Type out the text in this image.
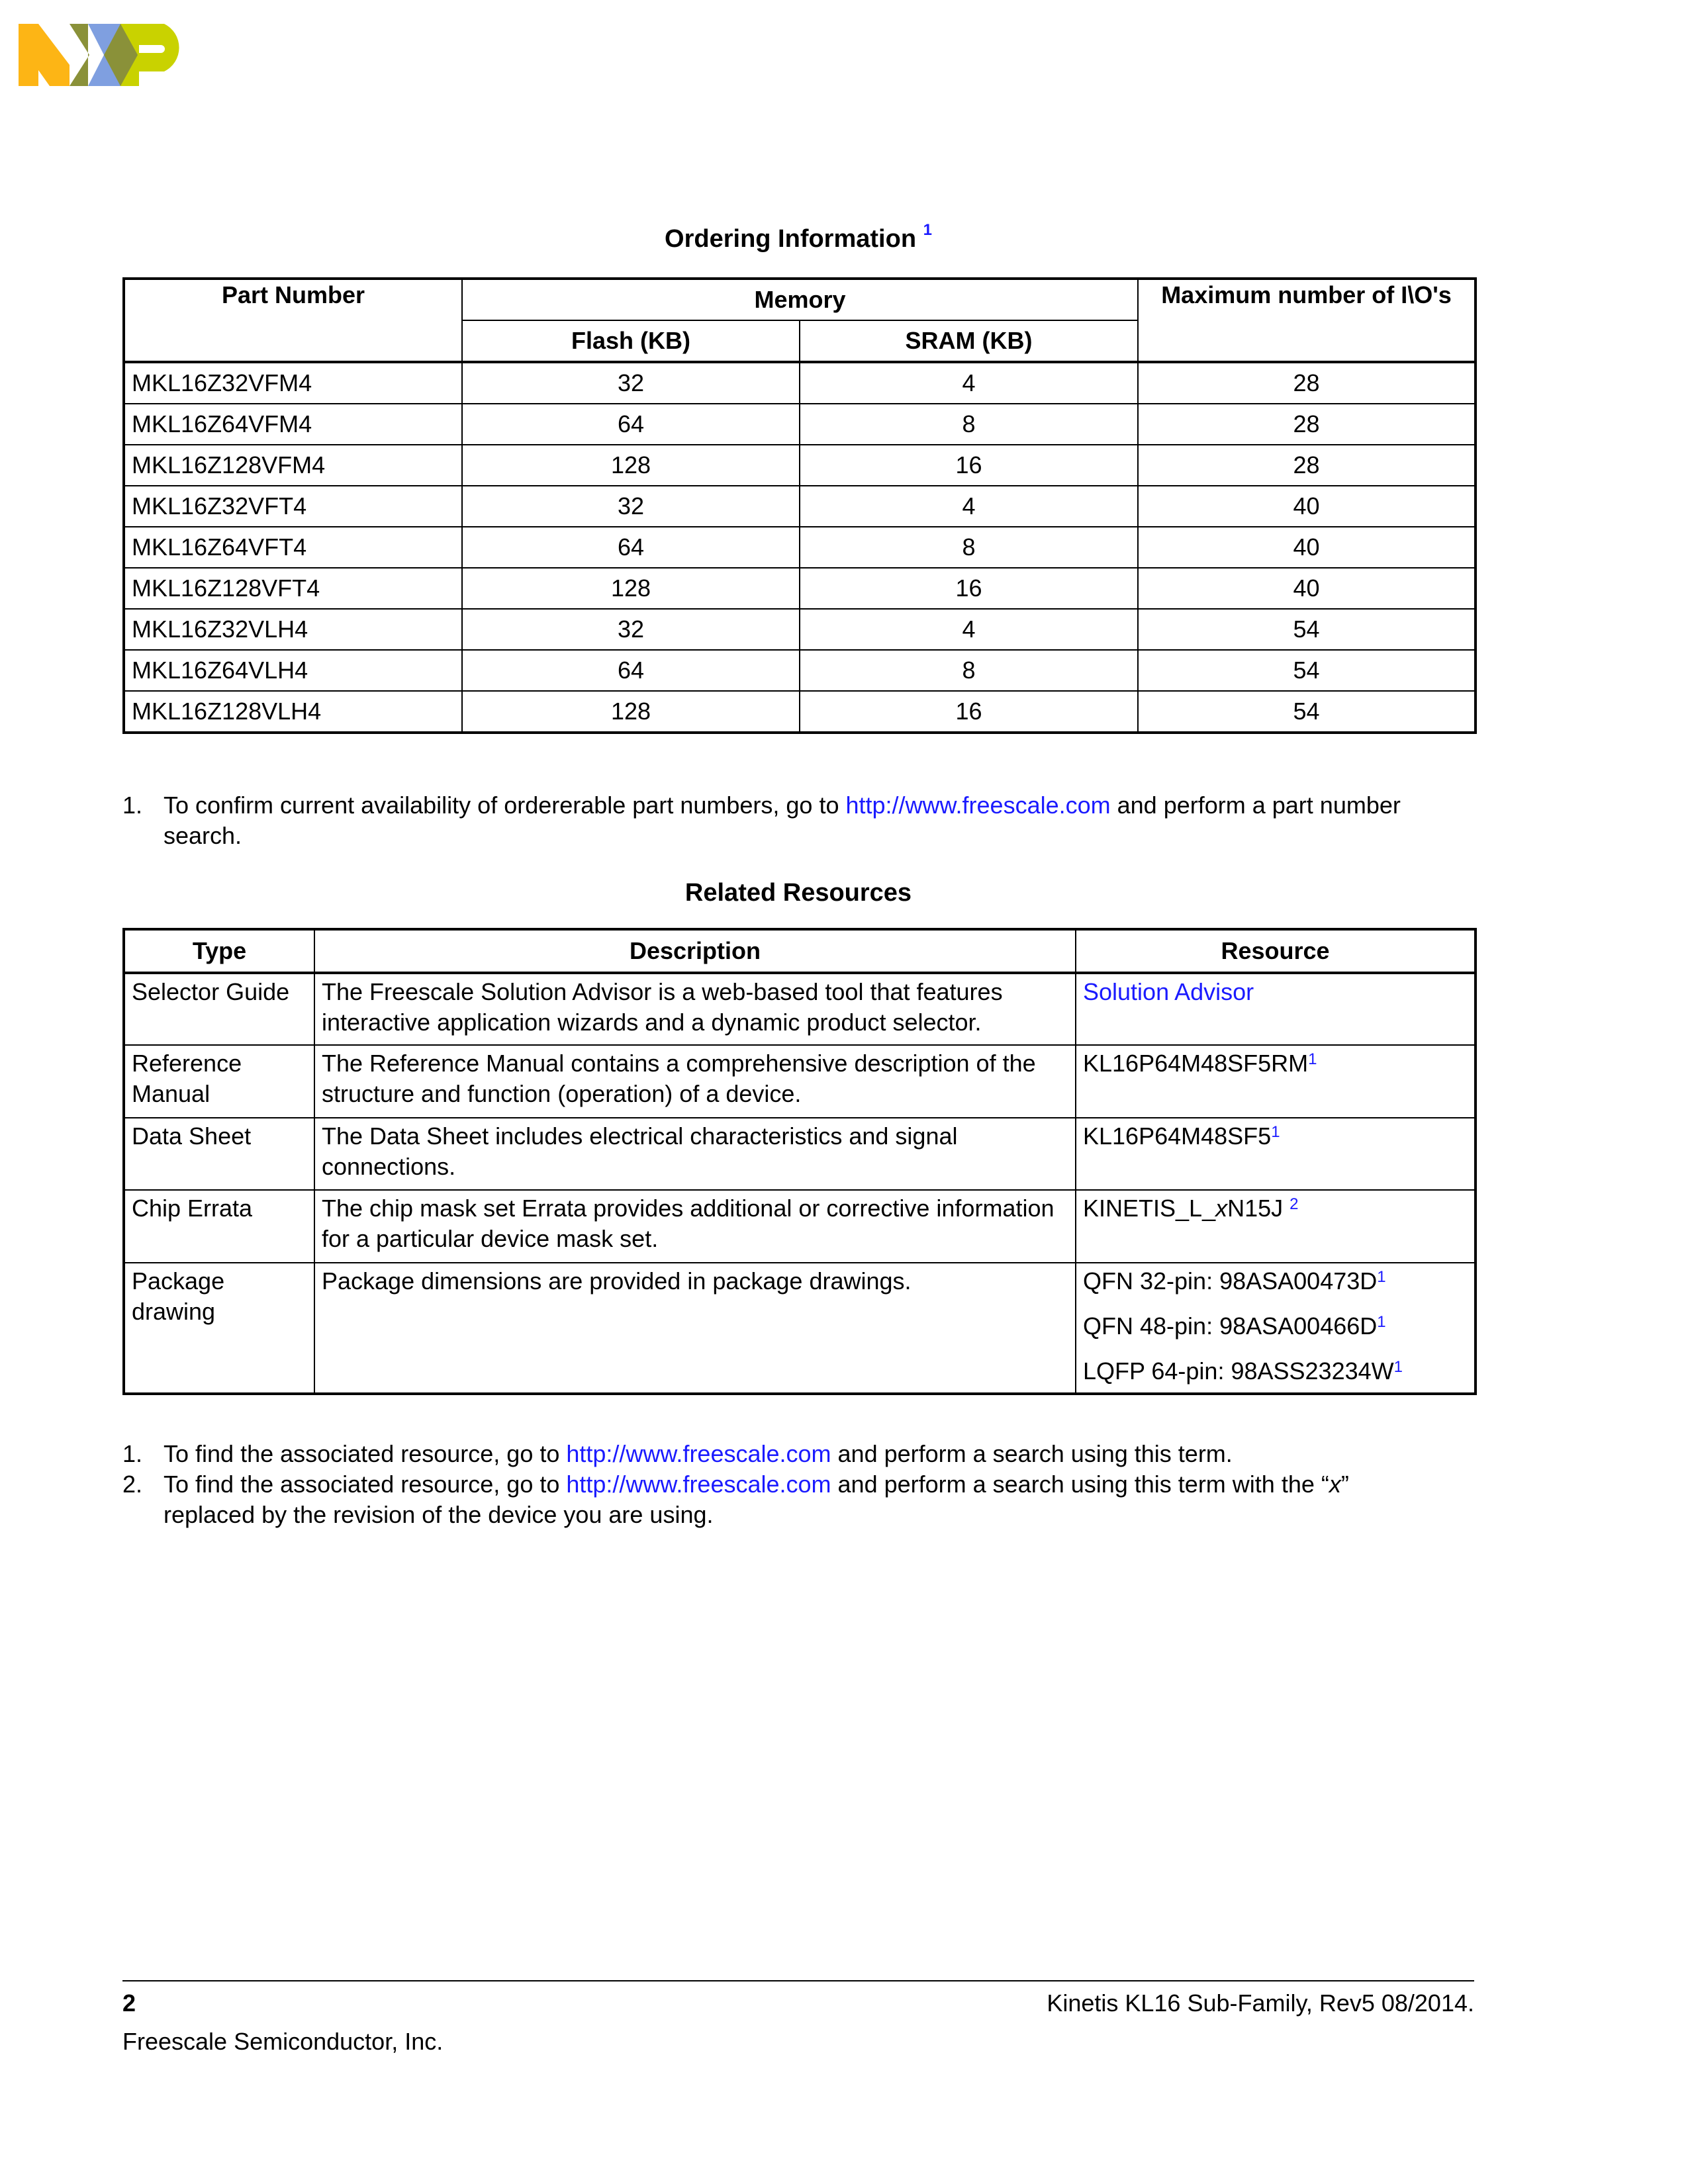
Ordering Information $^1$
Part Number	Memory		Maximum number of I\O's
	Flash (KB)	SRAM (KB)	
MKL16Z32VFM4	32	4	28
MKL16Z64VFM4	64	8	28
MKL16Z128VFM4	128	16	28
MKL16Z32VFT4	32	4	40
MKL16Z64VFT4	64	8	40
MKL16Z128VFT4	128	16	40
MKL16Z32VLH4	32	4	54
MKL16Z64VLH4	64	8	54
MKL16Z128VLH4	128	16	54
1. To confirm current availability of ordererable part numbers, go to http://www.freescale.com and perform a part number search.
Related Resources
Type	Description	Resource
Selector Guide	The Freescale Solution Advisor is a web-based tool that features interactive application wizards and a dynamic product selector.	Solution Advisor
Reference Manual	The Reference Manual contains a comprehensive description of the structure and function (operation) of a device.	$KL16P64M48SF5RM^1$
Data Sheet	The Data Sheet includes electrical characteristics and signal connections.	$KL16P64M48SF5^1$
Chip Errata	The chip mask set Errata provides additional or corrective information for a particular device mask set.	KINETIS_L_xN15J $^2$
Package drawing	Package dimensions are provided in package drawings.	QFN 32-pin: $98ASA00473D^1$
QFN 48-pin: $98ASA00466D^1$
LQFP 64-pin: $98ASS23234W^1$
1. To find the associated resource, go to http://www.freescale.com and perform a search using this term.
2. To find the associated resource, go to http://www.freescale.com and perform a search using this term with the “x” replaced by the revision of the device you are using.
2	Kinetis KL16 Sub-Family, Rev5 08/2014.
Freescale Semiconductor, Inc.
